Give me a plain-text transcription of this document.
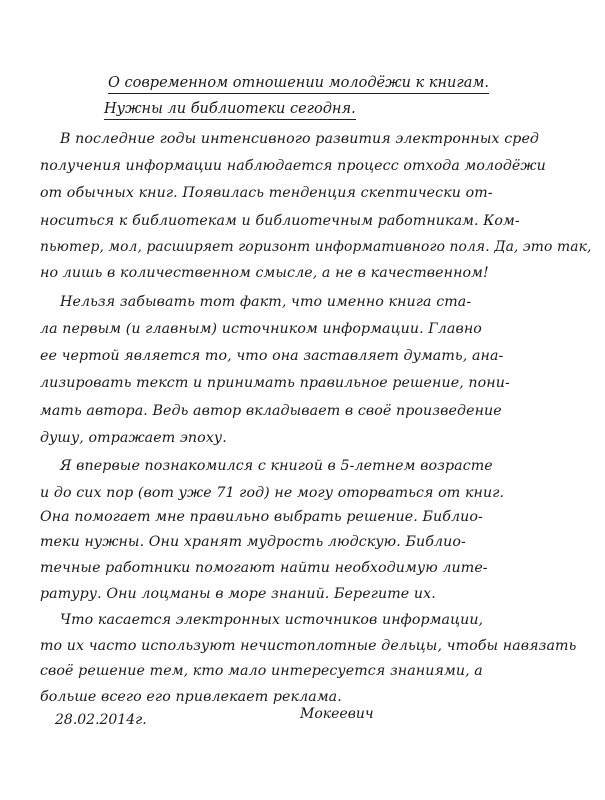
О современном отношении молодёжи к книгам.
Нужны ли библиотеки сегодня.
В последние годы интенсивного развития электронных сред
получения информации наблюдается процесс отхода молодёжи
от обычных книг. Появилась тенденция скептически от-
носиться к библиотекам и библиотечным работникам. Ком-
пьютер, мол, расширяет горизонт информативного поля. Да, это так,
но лишь в количественном смысле, а не в качественном!
Нельзя забывать тот факт, что именно книга ста-
ла первым (и главным) источником информации. Главно
ее чертой является то, что она заставляет думать, ана-
лизировать текст и принимать правильное решение, пони-
мать автора. Ведь автор вкладывает в своё произведение
душу, отражает эпоху.
Я впервые познакомился с книгой в 5-летнем возрасте
и до сих пор (вот уже 71 год) не могу оторваться от книг.
Она помогает мне правильно выбрать решение. Библио-
теки нужны. Они хранят мудрость людскую. Библио-
течные работники помогают найти необходимую лите-
ратуру. Они лоцманы в море знаний. Берегите их.
Что касается электронных источников информации,
то их часто используют нечистоплотные дельцы, чтобы навязать
своё решение тем, кто мало интересуется знаниями, а
больше всего его привлекает реклама.
28.02.2014г.	Мокеевич
